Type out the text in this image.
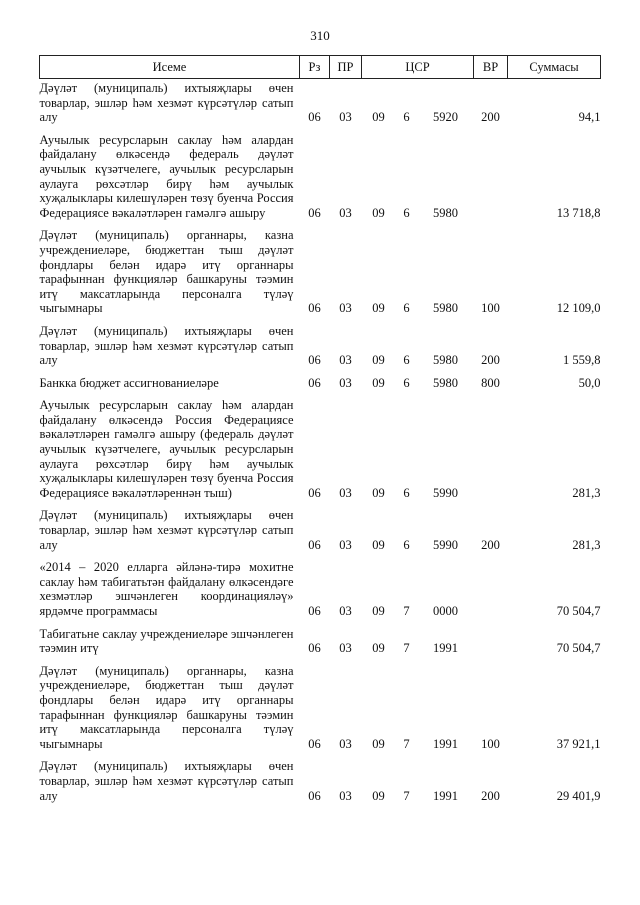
310
Исеме	Рз	ПР	ЦСР			ВР	Суммасы
Дәүләт (муниципаль) ихтыяҗлары өчен товарлар, эшләр һәм хезмәт күрсәтүләр сатып алу	06	03	09	6	5920	200	94,1
Аучылык ресурсларын саклау һәм алардан файдалану өлкәсендә федераль дәүләт аучылык күзәтчелеге, аучылык ресурсларын аулауга рөхсәтләр бирү һәм аучылык хуҗалыклары килешүләрен төзү буенча Россия Федерациясе вәкаләтләрен гамәлгә ашыру	06	03	09	6	5980		13 718,8
Дәүләт (муниципаль) органнары, казна учреждениеләре, бюджеттан тыш дәүләт фондлары белән идарә итү органнары тарафыннан функцияләр башкаруны тәэмин итү максатларында персоналга түләү чыгымнары	06	03	09	6	5980	100	12 109,0
Дәүләт (муниципаль) ихтыяҗлары өчен товарлар, эшләр һәм хезмәт күрсәтүләр сатып алу	06	03	09	6	5980	200	1 559,8
Банкка бюджет ассигнованиеләре	06	03	09	6	5980	800	50,0
Аучылык ресурсларын саклау һәм алардан файдалану өлкәсендә Россия Федерациясе вәкаләтләрен гамәлгә ашыру (федераль дәүләт аучылык күзәтчелеге, аучылык ресурсларын аулауга рөхсәтләр бирү һәм аучылык хуҗалыклары килешүләрен төзү буенча Россия Федерациясе вәкаләтләреннән тыш)	06	03	09	6	5990		281,3
Дәүләт (муниципаль) ихтыяҗлары өчен товарлар, эшләр һәм хезмәт күрсәтүләр сатып алу	06	03	09	6	5990	200	281,3
«2014 – 2020 елларга әйләнә-тирә мохитне саклау һәм табигатьтән файдалану өлкәсендәге хезмәтләр эшчәнлеген координацияләү» ярдәмче программасы	06	03	09	7	0000		70 504,7
Табигатьне саклау учреждениеләре эшчәнлеген тәэмин итү	06	03	09	7	1991		70 504,7
Дәүләт (муниципаль) органнары, казна учреждениеләре, бюджеттан тыш дәүләт фондлары белән идарә итү органнары тарафыннан функцияләр башкаруны тәэмин итү максатларында персоналга түләү чыгымнары	06	03	09	7	1991	100	37 921,1
Дәүләт (муниципаль) ихтыяҗлары өчен товарлар, эшләр һәм хезмәт күрсәтүләр сатып алу	06	03	09	7	1991	200	29 401,9
